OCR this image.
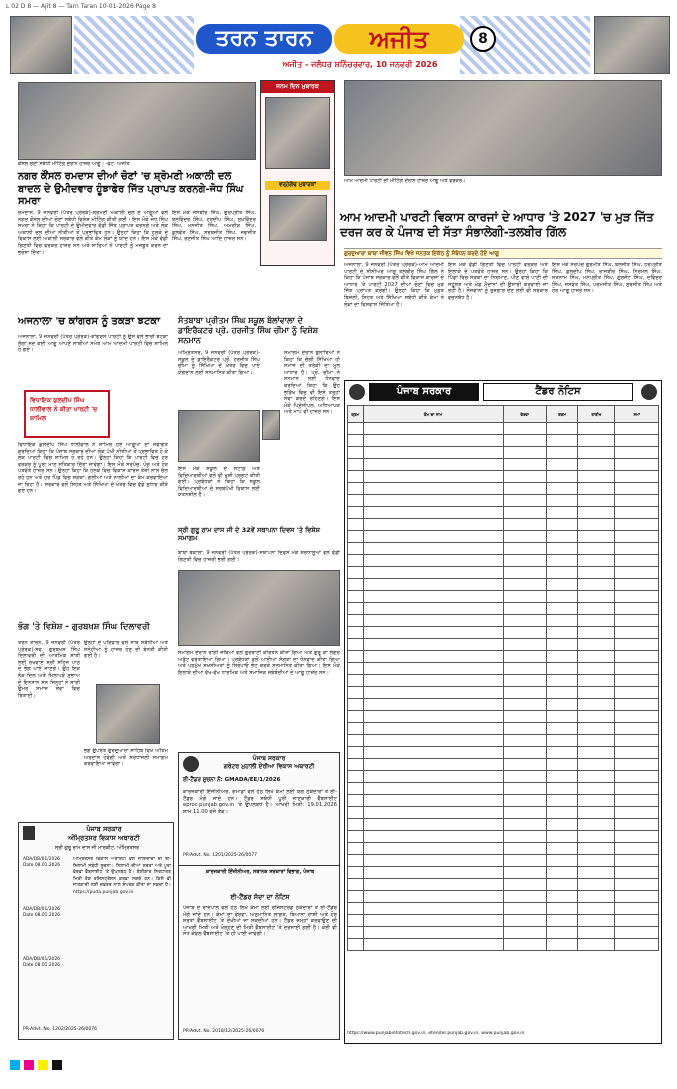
L 02 D 8 — Ajit 8 — Tarn Taran 10-01-2026 Page 8
ਤਰਨ ਤਾਰਨ	ਅਜੀਤ	8
ਅਜੀਤ - ਜਲੰਧਰ ਸ਼ਨਿੱਚਰਵਾਰ, 10 ਜਨਵਰੀ 2026
ਕੌਂਸਲ ਚੋਣਾਂ ਸਬੰਧੀ ਮੀਟਿੰਗ ਦੌਰਾਨ ਹਾਜ਼ਰ ਆਗੂ। -ਫੋਟੋ: ਅਜੀਤ
ਨਗਰ ਕੌਂਸਲ ਰਮਦਾਸ ਦੀਆਂ ਚੋਣਾਂ 'ਚ ਸ਼੍ਰੋਮਣੀ ਅਕਾਲੀ ਦਲ ਬਾਦਲ ਦੇ ਉਮੀਦਵਾਰ ਹੂੰਝਾਫੇਰ ਜਿੱਤ ਪ੍ਰਾਪਤ ਕਰਨਗੇ-ਜੋਧ ਸਿੰਘ ਸਮਰਾ
ਜਨਮ ਦਿਨ ਮੁਬਾਰਕ
ਵਰ੍ਹੇਗੰਢ ਮੁਬਾਰਕਾਂ
ਰਮਦਾਸ, 9 ਜਨਵਰੀ (ਪੱਤਰ ਪ੍ਰੇਰਕ)-ਸ਼੍ਰੋਮਣੀ ਅਕਾਲੀ ਦਲ ਦੇ ਆਗੂਆਂ ਵਲੋਂ ਨਗਰ ਕੌਂਸਲ ਦੀਆਂ ਚੋਣਾਂ ਸਬੰਧੀ ਵਿਸ਼ੇਸ਼ ਮੀਟਿੰਗ ਕੀਤੀ ਗਈ। ਇਸ ਮੌਕੇ ਜੋਧ ਸਿੰਘ ਸਮਰਾ ਨੇ ਕਿਹਾ ਕਿ ਪਾਰਟੀ ਦੇ ਉਮੀਦਵਾਰ ਵੱਡੀ ਜਿੱਤ ਪ੍ਰਾਪਤ ਕਰਨਗੇ ਅਤੇ ਲੋਕ ਅਕਾਲੀ ਦਲ ਦੀਆਂ ਨੀਤੀਆਂ ਤੋਂ ਪ੍ਰਭਾਵਿਤ ਹਨ। ਉਨ੍ਹਾਂ ਕਿਹਾ ਕਿ ਹਲਕੇ ਦੇ ਵਿਕਾਸ ਲਈ ਅਕਾਲੀ ਸਰਕਾਰ ਵੇਲੇ ਕੀਤੇ ਕੰਮ ਲੋਕਾਂ ਨੂੰ ਯਾਦ ਹਨ। ਇਸ ਮੌਕੇ ਵੱਡੀ ਗਿਣਤੀ ਵਿਚ ਵਰਕਰ ਹਾਜ਼ਰ ਸਨ ਅਤੇ ਸਾਰਿਆਂ ਨੇ ਪਾਰਟੀ ਨੂੰ ਮਜ਼ਬੂਤ ਕਰਨ ਦਾ ਭਰੋਸਾ ਦਿੱਤਾ।
ਇਸ ਮੌਕੇ ਜਸਬੀਰ ਸਿੰਘ, ਗੁਰਪ੍ਰੀਤ ਸਿੰਘ, ਬਲਵਿੰਦਰ ਸਿੰਘ, ਹਰਦੀਪ ਸਿੰਘ, ਸੁਖਵਿੰਦਰ ਸਿੰਘ, ਮਨਜੀਤ ਸਿੰਘ, ਅਮਰੀਕ ਸਿੰਘ, ਕੁਲਵੰਤ ਸਿੰਘ, ਸਰਬਜੀਤ ਸਿੰਘ, ਜਗਜੀਤ ਸਿੰਘ, ਰਣਜੀਤ ਸਿੰਘ ਆਦਿ ਹਾਜ਼ਰ ਸਨ।
ਅਜਨਾਲਾ 'ਚ ਕਾਂਗਰਸ ਨੂੰ ਤਕੜਾ ਝਟਕਾ
ਅਜਨਾਲਾ, 9 ਜਨਵਰੀ (ਪੱਤਰ ਪ੍ਰੇਰਕ)-ਕਾਂਗਰਸ ਪਾਰਟੀ ਨੂੰ ਉਸ ਵੇਲੇ ਭਾਰੀ ਝਟਕਾ ਲੱਗਾ ਜਦ ਕਈ ਆਗੂ ਆਪਣੇ ਸਾਥੀਆਂ ਸਮੇਤ ਆਮ ਆਦਮੀ ਪਾਰਟੀ ਵਿਚ ਸ਼ਾਮਿਲ ਹੋ ਗਏ।
ਵਿਧਾਇਕ ਕੁਲਦੀਪ ਸਿੰਘ ਧਾਲੀਵਾਲ ਨੇ ਕੀਤਾ ਪਾਰਟੀ 'ਚ ਸ਼ਾਮਿਲ
ਵਿਧਾਇਕ ਕੁਲਦੀਪ ਸਿੰਘ ਧਾਲੀਵਾਲ ਨੇ ਸ਼ਾਮਿਲ ਹੋਏ ਆਗੂਆਂ ਦਾ ਸਵਾਗਤ ਕਰਦਿਆਂ ਕਿਹਾ ਕਿ ਪੰਜਾਬ ਸਰਕਾਰ ਦੀਆਂ ਲੋਕ ਪੱਖੀ ਨੀਤੀਆਂ ਤੋਂ ਪ੍ਰਭਾਵਿਤ ਹੋ ਕੇ ਲੋਕ ਪਾਰਟੀ ਵਿਚ ਸ਼ਾਮਿਲ ਹੋ ਰਹੇ ਹਨ। ਉਨ੍ਹਾਂ ਕਿਹਾ ਕਿ ਪਾਰਟੀ ਵਿਚ ਹਰ ਵਰਕਰ ਨੂੰ ਪੂਰਾ ਮਾਣ ਸਤਿਕਾਰ ਦਿੱਤਾ ਜਾਵੇਗਾ। ਇਸ ਮੌਕੇ ਸਰਪੰਚ, ਪੰਚ ਅਤੇ ਹੋਰ ਪਤਵੰਤੇ ਹਾਜ਼ਰ ਸਨ। ਉਨ੍ਹਾਂ ਕਿਹਾ ਕਿ ਹਲਕੇ ਵਿਚ ਵਿਕਾਸ ਕਾਰਜ ਤੇਜ਼ੀ ਨਾਲ ਚੱਲ ਰਹੇ ਹਨ ਅਤੇ ਹਰ ਪਿੰਡ ਵਿਚ ਸੜਕਾਂ, ਗਲੀਆਂ ਅਤੇ ਨਾਲੀਆਂ ਦਾ ਕੰਮ ਕਰਵਾਇਆ ਜਾ ਰਿਹਾ ਹੈ। ਸਰਕਾਰ ਵਲੋਂ ਸਿਹਤ ਅਤੇ ਸਿੱਖਿਆ ਦੇ ਖੇਤਰ ਵਿਚ ਵੱਡੇ ਸੁਧਾਰ ਕੀਤੇ ਗਏ ਹਨ।
ਸੰਤਬਾਬਾ ਪ੍ਰੀਤਮ ਸਿੰਘ ਸਕੂਲ ਬੱਲਾਂਵਾਲਾ ਦੇ ਡਾਇਰੈਕਟਰ ਪ੍ਰੋ. ਹਰਜੀਤ ਸਿੰਘ ਚੀਮਾ ਨੂੰ ਵਿਸ਼ੇਸ਼ ਸਨਮਾਨ
ਅੰਮ੍ਰਿਤਸਰ, 9 ਜਨਵਰੀ (ਪੱਤਰ ਪ੍ਰੇਰਕ)-ਸਕੂਲ ਦੇ ਡਾਇਰੈਕਟਰ ਪ੍ਰੋ. ਹਰਜੀਤ ਸਿੰਘ ਚੀਮਾ ਨੂੰ ਸਿੱਖਿਆ ਦੇ ਖੇਤਰ ਵਿਚ ਪਾਏ ਯੋਗਦਾਨ ਲਈ ਸਨਮਾਨਿਤ ਕੀਤਾ ਗਿਆ।
ਇਸ ਮੌਕੇ ਸਕੂਲ ਦੇ ਸਟਾਫ਼ ਅਤੇ ਵਿਦਿਆਰਥੀਆਂ ਵਲੋਂ ਵੀ ਖੁਸ਼ੀ ਪ੍ਰਗਟ ਕੀਤੀ ਗਈ। ਪ੍ਰਬੰਧਕਾਂ ਨੇ ਕਿਹਾ ਕਿ ਸਕੂਲ ਵਿਦਿਆਰਥੀਆਂ ਦੇ ਸਰਬਪੱਖੀ ਵਿਕਾਸ ਲਈ ਯਤਨਸ਼ੀਲ ਹੈ।
ਸਮਾਗਮ ਦੌਰਾਨ ਬੁਲਾਰਿਆਂ ਨੇ ਕਿਹਾ ਕਿ ਚੰਗੀ ਸਿੱਖਿਆ ਹੀ ਸਮਾਜ ਦੀ ਤਰੱਕੀ ਦਾ ਮੂਲ ਆਧਾਰ ਹੈ। ਪ੍ਰੋ. ਚੀਮਾ ਨੇ ਸਨਮਾਨ ਲਈ ਧੰਨਵਾਦ ਕਰਦਿਆਂ ਕਿਹਾ ਕਿ ਉਹ ਭਵਿੱਖ ਵਿਚ ਵੀ ਇਸੇ ਤਰ੍ਹਾਂ ਸੇਵਾ ਕਰਦੇ ਰਹਿਣਗੇ। ਇਸ ਮੌਕੇ ਪ੍ਰਿੰਸੀਪਲ, ਅਧਿਆਪਕ ਅਤੇ ਮਾਪੇ ਵੀ ਹਾਜ਼ਰ ਸਨ।
ਸ੍ਰੀ ਗੁਰੂ ਰਾਮ ਦਾਸ ਜੀ ਦੇ 32ਵੇਂ ਸਥਾਪਨਾ ਦਿਵਸ 'ਤੇ ਵਿਸ਼ੇਸ਼ ਸਮਾਗਮ
ਬਾਬਾ ਬਕਾਲਾ, 9 ਜਨਵਰੀ (ਪੱਤਰ ਪ੍ਰੇਰਕ)-ਸਥਾਪਨਾ ਦਿਵਸ ਮੌਕੇ ਸ਼ਰਧਾਲੂਆਂ ਵਲੋਂ ਵੱਡੀ ਗਿਣਤੀ ਵਿਚ ਹਾਜ਼ਰੀ ਭਰੀ ਗਈ।
ਸਮਾਗਮ ਦੌਰਾਨ ਰਾਗੀ ਜਥਿਆਂ ਵਲੋਂ ਗੁਰਬਾਣੀ ਕੀਰਤਨ ਕੀਤਾ ਗਿਆ ਅਤੇ ਗੁਰੂ ਕਾ ਲੰਗਰ ਅਤੁੱਟ ਵਰਤਾਇਆ ਗਿਆ। ਪ੍ਰਬੰਧਕਾਂ ਵਲੋਂ ਆਈਆਂ ਸੰਗਤਾਂ ਦਾ ਧੰਨਵਾਦ ਕੀਤਾ ਗਿਆ ਅਤੇ ਪ੍ਰਮੁੱਖ ਸ਼ਖ਼ਸੀਅਤਾਂ ਨੂੰ ਸਿਰੋਪਾਓ ਭੇਟ ਕਰਕੇ ਸਨਮਾਨਿਤ ਕੀਤਾ ਗਿਆ। ਇਸ ਮੌਕੇ ਇਲਾਕੇ ਦੀਆਂ ਵੱਖ-ਵੱਖ ਧਾਰਮਿਕ ਅਤੇ ਸਮਾਜਿਕ ਜਥੇਬੰਦੀਆਂ ਦੇ ਆਗੂ ਹਾਜ਼ਰ ਸਨ।
ਭੋਗ 'ਤੇ ਵਿਸ਼ੇਸ਼ - ਗੁਰਬਖਸ਼ ਸਿੰਘ ਦਿਲਾਵਰੀ
ਤਰਨ ਤਾਰਨ, 9 ਜਨਵਰੀ (ਪੱਤਰ ਪ੍ਰੇਰਕ)-ਸਵ. ਗੁਰਬਖਸ਼ ਸਿੰਘ ਦਿਲਾਵਰੀ ਦੀ ਆਤਮਿਕ ਸ਼ਾਂਤੀ ਲਈ ਰਖਵਾਏ ਸ੍ਰੀ ਸਹਿਜ ਪਾਠ ਦੇ ਭੋਗ ਪਾਏ ਜਾਣਗੇ। ਉਹ ਇਕ ਨੇਕ ਦਿਲ ਅਤੇ ਮਿਲਾਪੜੇ ਸੁਭਾਅ ਦੇ ਇਨਸਾਨ ਸਨ ਜਿਨ੍ਹਾਂ ਨੇ ਸਾਰੀ ਉਮਰ ਸਮਾਜ ਸੇਵਾ ਵਿਚ ਬਿਤਾਈ।
ਉਨ੍ਹਾਂ ਦੇ ਪਰਿਵਾਰ ਵਲੋਂ ਸਾਕ ਸਬੰਧੀਆਂ ਅਤੇ ਸਨੇਹੀਆਂ ਨੂੰ ਹਾਜ਼ਰ ਹੋਣ ਦੀ ਬੇਨਤੀ ਕੀਤੀ ਗਈ ਹੈ।
ਭੋਗ ਉਪਰੰਤ ਗੁਰਦੁਆਰਾ ਸਾਹਿਬ ਵਿਖੇ ਅੰਤਿਮ ਅਰਦਾਸ ਹੋਵੇਗੀ ਅਤੇ ਸ਼ਰਧਾਂਜਲੀ ਸਮਾਗਮ ਕਰਵਾਇਆ ਜਾਵੇਗਾ।
ਪੰਜਾਬ ਸਰਕਾਰ
ਗਰੇਟਰ ਮੁਹਾਲੀ ਏਰੀਆ ਵਿਕਾਸ ਅਥਾਰਟੀ
ਈ-ਟੈਂਡਰ ਸੂਚਨਾ ਨੰ: GMADA/EE/1/2026
ਕਾਰਜਕਾਰੀ ਇੰਜੀਨੀਅਰ, ਗਮਾਡਾ ਵਲੋਂ ਹੇਠ ਲਿਖੇ ਕੰਮਾਂ ਲਈ ਯੋਗ ਠੇਕੇਦਾਰਾਂ ਤੋਂ ਈ-ਟੈਂਡਰ ਮੰਗੇ ਜਾਂਦੇ ਹਨ। ਟੈਂਡਰ ਸਬੰਧੀ ਪੂਰੀ ਜਾਣਕਾਰੀ ਵੈੱਬਸਾਈਟ eproc.punjab.gov.in 'ਤੇ ਉਪਲਬਧ ਹੈ। ਆਖਰੀ ਮਿਤੀ: 19.01.2026 ਸ਼ਾਮ 11.00 ਵਜੇ ਤੱਕ।
PR-Advt. No. 1201/2025-26/0077
ਕਾਰਜਕਾਰੀ ਇੰਜੀਨੀਅਰ, ਸਥਾਨਕ ਸਰਕਾਰਾਂ ਵਿਭਾਗ, ਪੰਜਾਬ
ਈ-ਟੈਂਡਰ ਸੱਦਾ ਦਾ ਨੋਟਿਸ
ਪੰਜਾਬ ਦੇ ਰਾਜਪਾਲ ਵਲੋਂ ਹੇਠ ਲਿਖੇ ਕੰਮਾਂ ਲਈ ਰਜਿਸਟਰਡ ਠੇਕੇਦਾਰਾਂ ਤੋਂ ਈ-ਟੈਂਡਰ ਮੰਗੇ ਜਾਂਦੇ ਹਨ। ਕੰਮਾਂ ਦਾ ਵੇਰਵਾ, ਅਨੁਮਾਨਿਤ ਲਾਗਤ, ਬਿਆਨਾ ਰਾਸ਼ੀ ਅਤੇ ਹੋਰ ਸ਼ਰਤਾਂ ਵੈੱਬਸਾਈਟ 'ਤੇ ਦੇਖੀਆਂ ਜਾ ਸਕਦੀਆਂ ਹਨ। ਟੈਂਡਰ ਜਮ੍ਹਾਂ ਕਰਵਾਉਣ ਦੀ ਆਖਰੀ ਮਿਤੀ ਅਤੇ ਖੋਲ੍ਹਣ ਦੀ ਮਿਤੀ ਵੈੱਬਸਾਈਟ 'ਤੇ ਦਰਸਾਈ ਗਈ ਹੈ। ਕੋਈ ਵੀ ਸੋਧ ਕੇਵਲ ਵੈੱਬਸਾਈਟ 'ਤੇ ਹੀ ਪਾਈ ਜਾਵੇਗੀ।
PR-Advt. No. 2018/12/2025-26/0076
ਪੰਜਾਬ ਸਰਕਾਰ
ਅੰਮ੍ਰਿਤਸਰ ਵਿਕਾਸ ਅਥਾਰਟੀ
ਸ੍ਰੀ ਗੁਰੂ ਰਾਮ ਦਾਸ ਜੀ ਮਾਰਕੀਟ, ਅੰਮ੍ਰਿਤਸਰ
ADA/DB/01/2026 Date 08.01.2026
ADA/DB/01/2026 Date 08.01.2026
ADA/DB/01/2026 Date 08.01.2026
ਅੰਮ੍ਰਿਤਸਰ ਵਿਕਾਸ ਅਥਾਰਟੀ ਵਲੋਂ ਜਾਇਦਾਦਾਂ ਦੀ ਈ-ਨਿਲਾਮੀ ਸਬੰਧੀ ਸੂਚਨਾ। ਨਿਲਾਮੀ ਦੀਆਂ ਸ਼ਰਤਾਂ ਅਤੇ ਪੂਰਾ ਵੇਰਵਾ ਵੈੱਬਸਾਈਟ 'ਤੇ ਉਪਲਬਧ ਹੈ। ਬੋਲੀਕਾਰ ਨਿਰਧਾਰਤ ਮਿਤੀ ਤੱਕ ਰਜਿਸਟ੍ਰੇਸ਼ਨ ਕਰਵਾ ਸਕਦੇ ਹਨ। ਕਿਸੇ ਵੀ ਜਾਣਕਾਰੀ ਲਈ ਦਫ਼ਤਰ ਨਾਲ ਸੰਪਰਕ ਕੀਤਾ ਜਾ ਸਕਦਾ ਹੈ। https://puda.punjab.gov.in
PR-Advt. No. 1202/2025-26/0076
ਆਮ ਆਦਮੀ ਪਾਰਟੀ ਦੀ ਮੀਟਿੰਗ ਦੌਰਾਨ ਹਾਜ਼ਰ ਆਗੂ ਅਤੇ ਵਰਕਰ।
ਆਮ ਆਦਮੀ ਪਾਰਟੀ ਵਿਕਾਸ ਕਾਰਜਾਂ ਦੇ ਆਧਾਰ 'ਤੇ 2027 'ਚ ਮੁੜ ਜਿੱਤ ਦਰਜ ਕਰ ਕੇ ਪੰਜਾਬ ਦੀ ਸੱਤਾ ਸੰਭਾਲੇਗੀ-ਤਲਬੀਰ ਗਿੱਲ
ਗੁਰਦੁਆਰਾ ਬਾਬਾ ਜੀਵਨ ਸਿੰਘ ਵਿਖੇ ਜਨਤਕ ਇਕੱਠ ਨੂੰ ਸੰਬੋਧਨ ਕਰਦੇ ਹੋਏ ਆਗੂ
ਅਜਨਾਲਾ, 9 ਜਨਵਰੀ (ਪੱਤਰ ਪ੍ਰੇਰਕ)-ਆਮ ਆਦਮੀ ਪਾਰਟੀ ਦੇ ਸੀਨੀਅਰ ਆਗੂ ਤਲਬੀਰ ਸਿੰਘ ਗਿੱਲ ਨੇ ਕਿਹਾ ਕਿ ਪੰਜਾਬ ਸਰਕਾਰ ਵਲੋਂ ਕੀਤੇ ਵਿਕਾਸ ਕਾਰਜਾਂ ਦੇ ਆਧਾਰ 'ਤੇ ਪਾਰਟੀ 2027 ਦੀਆਂ ਚੋਣਾਂ ਵਿਚ ਮੁੜ ਜਿੱਤ ਪ੍ਰਾਪਤ ਕਰੇਗੀ। ਉਨ੍ਹਾਂ ਕਿਹਾ ਕਿ ਮੁਫ਼ਤ ਬਿਜਲੀ, ਸਿਹਤ ਅਤੇ ਸਿੱਖਿਆ ਸਬੰਧੀ ਕੀਤੇ ਕੰਮਾਂ ਨੇ ਲੋਕਾਂ ਦਾ ਵਿਸ਼ਵਾਸ ਜਿੱਤਿਆ ਹੈ।
ਇਸ ਮੌਕੇ ਵੱਡੀ ਗਿਣਤੀ ਵਿਚ ਪਾਰਟੀ ਵਰਕਰ ਅਤੇ ਇਲਾਕੇ ਦੇ ਪਤਵੰਤੇ ਹਾਜ਼ਰ ਸਨ। ਉਨ੍ਹਾਂ ਕਿਹਾ ਕਿ ਪਿੰਡਾਂ ਵਿਚ ਸੜਕਾਂ ਦਾ ਨਿਰਮਾਣ, ਪੀਣ ਵਾਲੇ ਪਾਣੀ ਦੀ ਸਹੂਲਤ ਅਤੇ ਖੇਡ ਮੈਦਾਨਾਂ ਦੀ ਉਸਾਰੀ ਕਰਵਾਈ ਜਾ ਰਹੀ ਹੈ। ਨੌਜਵਾਨਾਂ ਨੂੰ ਰੁਜ਼ਗਾਰ ਦੇਣ ਲਈ ਵੀ ਸਰਕਾਰ ਵਚਨਬੱਧ ਹੈ।
ਇਸ ਮੌਕੇ ਸਰਪੰਚ ਗੁਰਮੀਤ ਸਿੰਘ, ਬਲਜੀਤ ਸਿੰਘ, ਹਰਪ੍ਰੀਤ ਸਿੰਘ, ਕੁਲਦੀਪ ਸਿੰਘ, ਰਾਜਬੀਰ ਸਿੰਘ, ਨਿਰਮਲ ਸਿੰਘ, ਸਤਨਾਮ ਸਿੰਘ, ਮਨਪ੍ਰੀਤ ਸਿੰਘ, ਗੁਰਜੰਟ ਸਿੰਘ, ਦਵਿੰਦਰ ਸਿੰਘ, ਜਸਵੰਤ ਸਿੰਘ, ਪਰਮਜੀਤ ਸਿੰਘ, ਸੁਰਜੀਤ ਸਿੰਘ ਅਤੇ ਹੋਰ ਆਗੂ ਹਾਜ਼ਰ ਸਨ।
ਪੰਜਾਬ ਸਰਕਾਰ	ਟੈਂਡਰ ਨੋਟਿਸ
ਕ੍ਰਮ	ਕੰਮ ਦਾ ਨਾਮ	ਵੇਰਵਾ	ਰਕਮ	ਤਾਰੀਖ	ਸਮਾਂ

https://www.punjabinfotech.gov.in, etender.punjab.gov.in, www.punjab.gov.in
